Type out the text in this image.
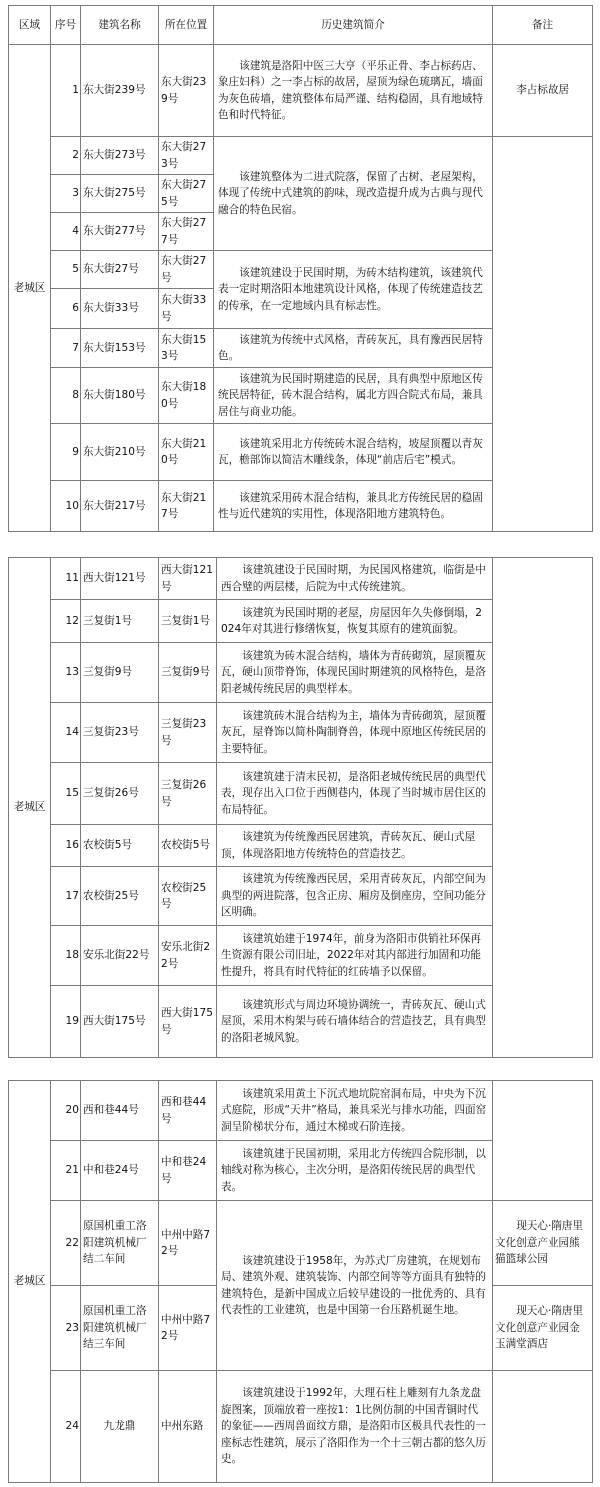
区域	序号	建筑名称	所在位置	历史建筑简介	备注
老城区	1	东大街239号	东大街239号	该建筑是洛阳中医三大亨（平乐正骨、李占标药店、象庄妇科）之一李占标的故居，屋顶为绿色琉璃瓦，墙面为灰色砖墙，建筑整体布局严谨、结构稳固，具有地域特色和时代特征。	李占标故居
	2	东大街273号	东大街273号	该建筑整体为二进式院落，保留了古树、老屋架构，体现了传统中式建筑的韵味，现改造提升成为古典与现代融合的特色民宿。	
	3	东大街275号	东大街275号		
	4	东大街277号	东大街277号		
	5	东大街27号	东大街27号	该建筑建设于民国时期，为砖木结构建筑，该建筑代表一定时期洛阳本地建筑设计风格，体现了传统建造技艺的传承，在一定地域内具有标志性。	
	6	东大街33号	东大街33号		
	7	东大街153号	东大街153号	该建筑为传统中式风格，青砖灰瓦，具有豫西民居特色。	
	8	东大街180号	东大街180号	该建筑为民国时期建造的民居，具有典型中原地区传统民居特征，砖木混合结构，属北方四合院式布局，兼具居住与商业功能。	
	9	东大街210号	东大街210号	该建筑采用北方传统砖木混合结构，坡屋顶覆以青灰瓦，檐部饰以简洁木雕线条，体现“前店后宅”模式。	
	10	东大街217号	东大街217号	该建筑采用砖木混合结构，兼具北方传统民居的稳固性与近代建筑的实用性，体现洛阳地方建筑特色。	
老城区	11	西大街121号	西大街121号	该建筑建设于民国时期，为民国风格建筑，临街是中西合璧的两层楼，后院为中式传统建筑。	
	12	三复街1号	三复街1号	该建筑为民国时期的老屋，房屋因年久失修倒塌，2024年对其进行修缮恢复，恢复其原有的建筑面貌。	
	13	三复街9号	三复街9号	该建筑为砖木混合结构，墙体为青砖砌筑，屋顶覆灰瓦，硬山顶带脊饰，体现民国时期建筑的风格特色，是洛阳老城传统民居的典型样本。	
	14	三复街23号	三复街23号	该建筑砖木混合结构为主，墙体为青砖砌筑，屋顶覆灰瓦，屋脊饰以简朴陶制脊兽，体现中原地区传统民居的主要特征。	
	15	三复街26号	三复街26号	该建筑建于清末民初，是洛阳老城传统民居的典型代表，现存出入口位于西侧巷内，体现了当时城市居住区的布局特征。	
	16	农校街5号	农校街5号	该建筑为传统豫西民居建筑，青砖灰瓦、硬山式屋顶，体现洛阳地方传统特色的营造技艺。	
	17	农校街25号	农校街25号	该建筑为传统豫西民居，采用青砖灰瓦，内部空间为典型的两进院落，包含正房、厢房及倒座房，空间功能分区明确。	
	18	安乐北街22号	安乐北街22号	该建筑始建于1974年，前身为洛阳市供销社环保再生资源有限公司旧址，2022年对其内部进行加固和功能性提升，将具有时代特征的红砖墙予以保留。	
	19	西大街175号	西大街175号	该建筑形式与周边环境协调统一，青砖灰瓦、硬山式屋顶，采用木构架与砖石墙体结合的营造技艺，具有典型的洛阳老城风貌。	
老城区	20	西和巷44号	西和巷44号	该建筑采用黄土下沉式地坑院窑洞布局，中央为下沉式庭院，形成“天井”格局，兼具采光与排水功能，四面窑洞呈阶梯状分布，通过木梯或石阶连接。	
	21	中和巷24号	中和巷24号	该建筑建于民国初期，采用北方传统四合院形制，以轴线对称为核心，主次分明，是洛阳传统民居的典型代表。	
	22	原国机重工洛阳建筑机械厂结二车间	中州中路72号	该建筑建设于1958年，为苏式厂房建筑，在规划布局、建筑外观、建筑装饰、内部空间等等方面具有独特的建筑特色，是新中国成立后较早建设的一批优秀的、具有代表性的工业建筑，也是中国第一台压路机诞生地。	现天心·隋唐里文化创意产业园熊猫篮球公园
	23	原国机重工洛阳建筑机械厂结三车间	中州中路72号		现天心·隋唐里文化创意产业园金玉满堂酒店
	24	九龙鼎	中州东路	该建筑建设于1992年，大理石柱上雕刻有九条龙盘旋图案，顶端放着一座按1：1比例仿制的中国青铜时代的象征——西周兽面纹方鼎，是洛阳市区极具代表性的一座标志性建筑，展示了洛阳作为一个十三朝古都的悠久历史。	
